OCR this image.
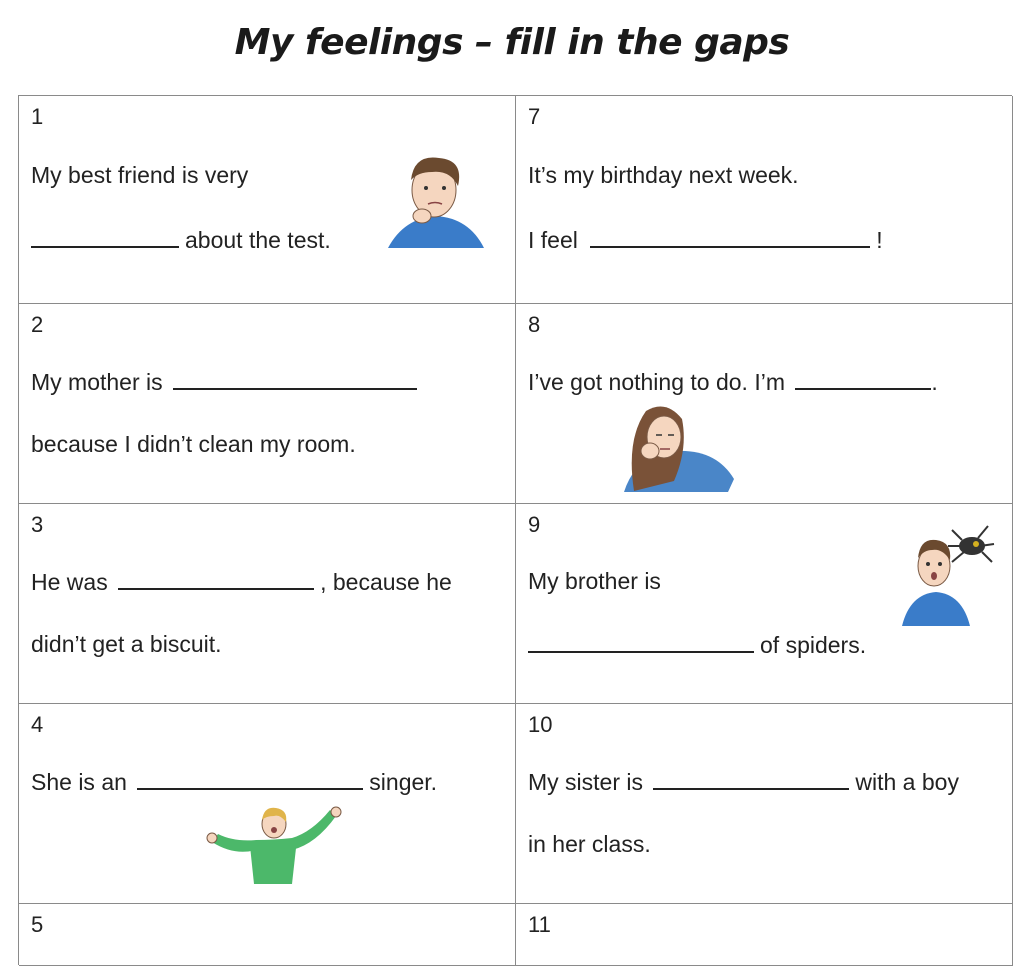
My feelings – fill in the gaps
1
My best friend is very
about the test.
7
It’s my birthday next week.
I feel	!
2
My mother is
because I didn’t clean my room.
8
I’ve got nothing to do. I’m	.
3
He was	, because he
didn’t get a biscuit.
9
My brother is
of spiders.
4
She is an	singer.
10
My sister is	with a boy
in her class.
5	11
